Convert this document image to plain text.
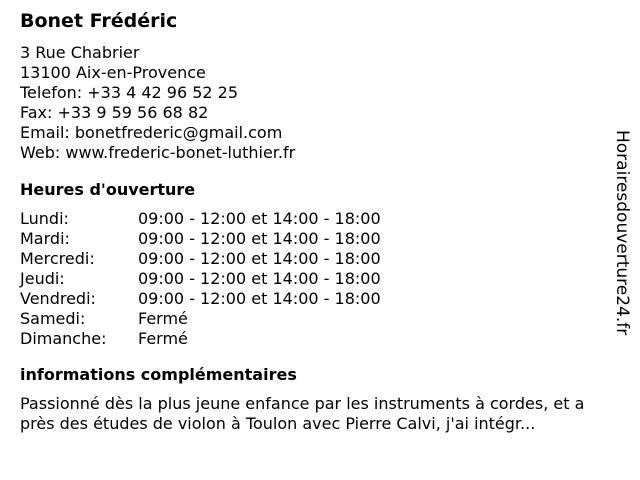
Bonet Frédéric
3 Rue Chabrier
13100 Aix-en-Provence
Telefon: +33 4 42 96 52 25
Fax: +33 9 59 56 68 82
Email: bonetfrederic@gmail.com
Web: www.frederic-bonet-luthier.fr
Heures d'ouverture
Lundi:	09:00 - 12:00 et 14:00 - 18:00
Mardi:	09:00 - 12:00 et 14:00 - 18:00
Mercredi:	09:00 - 12:00 et 14:00 - 18:00
Jeudi:	09:00 - 12:00 et 14:00 - 18:00
Vendredi:	09:00 - 12:00 et 14:00 - 18:00
Samedi:	Fermé
Dimanche:	Fermé
informations complémentaires
Passionné dès la plus jeune enfance par les instruments à cordes, et a
près des études de violon à Toulon avec Pierre Calvi, j'ai intégr...
Horairesdouverture24.fr
